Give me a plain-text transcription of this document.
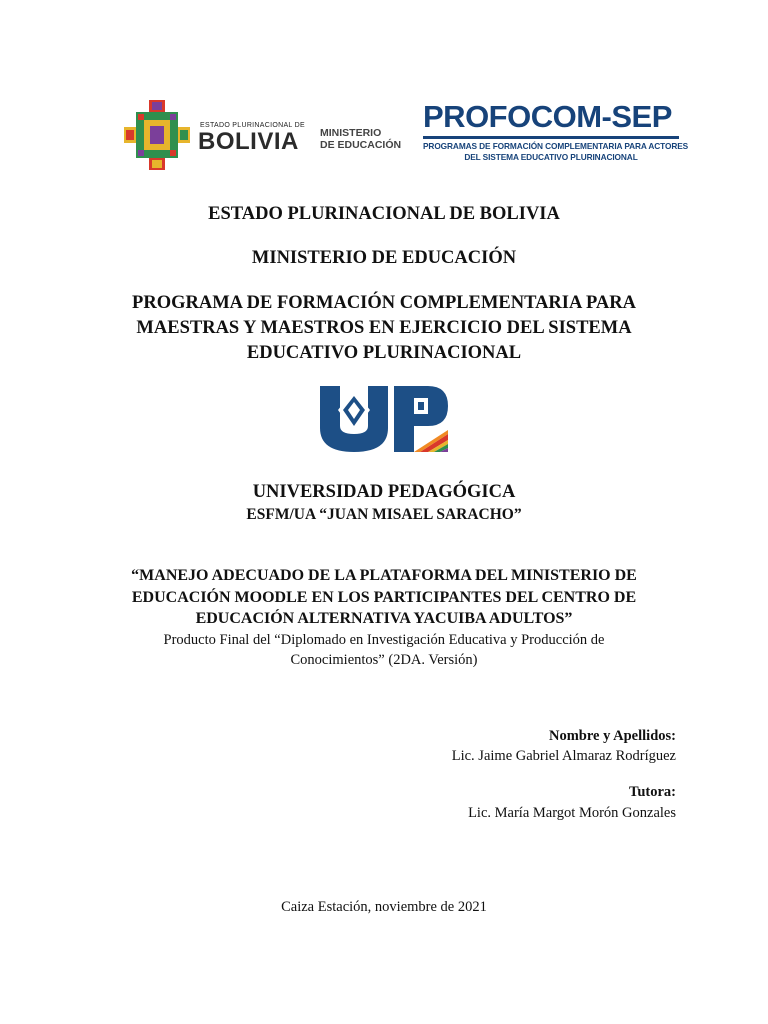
ESTADO PLURINACIONAL DE
BOLIVIA MINISTERIO
DE EDUCACIÓN
PROFOCOM-SEP
PROGRAMAS DE FORMACIÓN COMPLEMENTARIA PARA ACTORES
DEL SISTEMA EDUCATIVO PLURINACIONAL
ESTADO PLURINACIONAL DE BOLIVIA
MINISTERIO DE EDUCACIÓN
PROGRAMA DE FORMACIÓN COMPLEMENTARIA PARA
MAESTRAS Y MAESTROS EN EJERCICIO DEL SISTEMA
EDUCATIVO PLURINACIONAL
UNIVERSIDAD PEDAGÓGICA
ESFM/UA “JUAN MISAEL SARACHO”
“MANEJO ADECUADO DE LA PLATAFORMA DEL MINISTERIO DE
EDUCACIÓN MOODLE EN LOS PARTICIPANTES DEL CENTRO DE
EDUCACIÓN ALTERNATIVA YACUIBA ADULTOS”
Producto Final del “Diplomado en Investigación Educativa y Producción de
Conocimientos” (2DA. Versión)
Nombre y Apellidos:
Lic. Jaime Gabriel Almaraz Rodríguez
Tutora:
Lic. María Margot Morón Gonzales
Caiza Estación, noviembre de 2021
